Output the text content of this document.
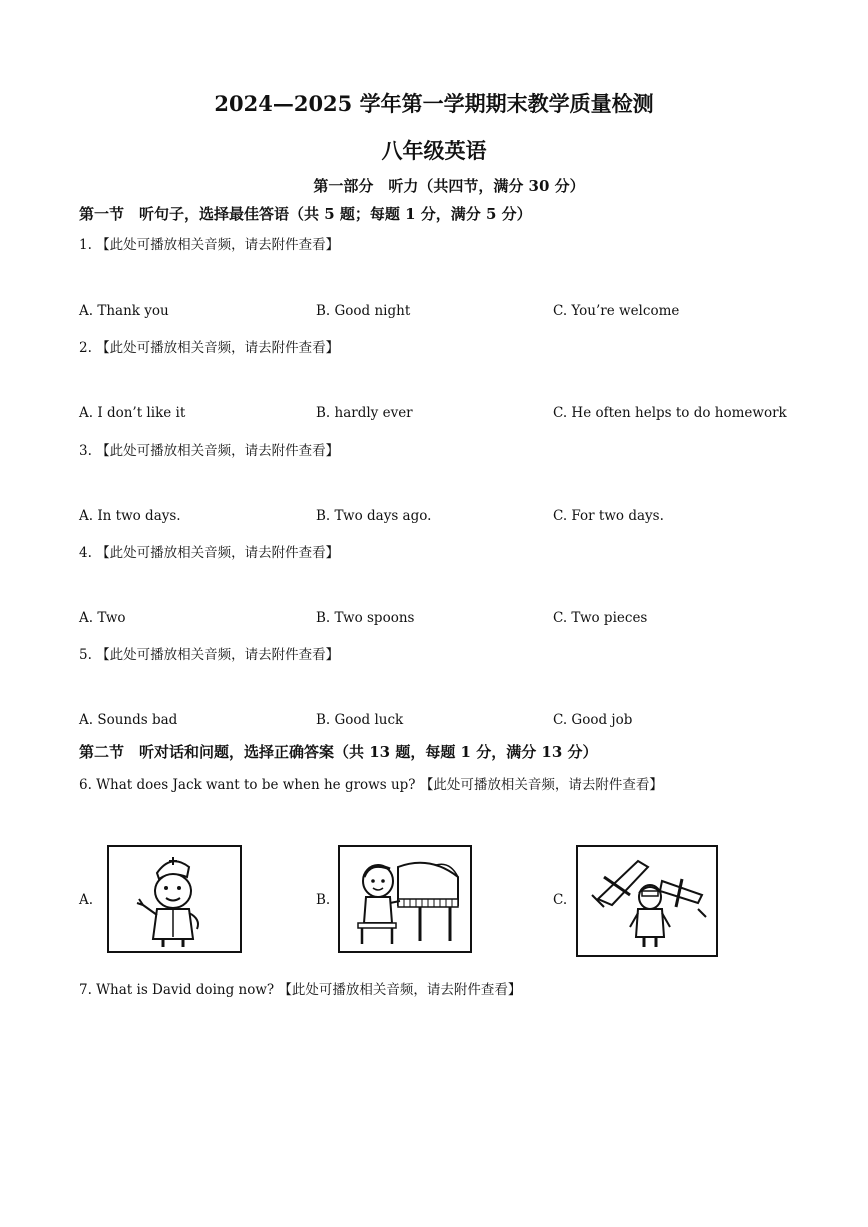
2024—2025 学年第一学期期末教学质量检测
八年级英语
第一部分　听力（共四节，满分 30 分）
第一节　听句子，选择最佳答语（共 5 题；每题 1 分，满分 5 分）
1. 【此处可播放相关音频，请去附件查看】
A. Thank you	B. Good night	C. You’re welcome
2. 【此处可播放相关音频，请去附件查看】
A. I don’t like it	B. hardly ever	C. He often helps to do homework
3. 【此处可播放相关音频，请去附件查看】
A. In two days.	B. Two days ago.	C. For two days.
4. 【此处可播放相关音频，请去附件查看】
A. Two	B. Two spoons	C. Two pieces
5. 【此处可播放相关音频，请去附件查看】
A. Sounds bad	B. Good luck	C. Good job
第二节　听对话和问题，选择正确答案（共 13 题，每题 1 分，满分 13 分）
6. What does Jack want to be when he grows up? 【此处可播放相关音频，请去附件查看】
A.	B.	C.
7. What is David doing now? 【此处可播放相关音频，请去附件查看】
